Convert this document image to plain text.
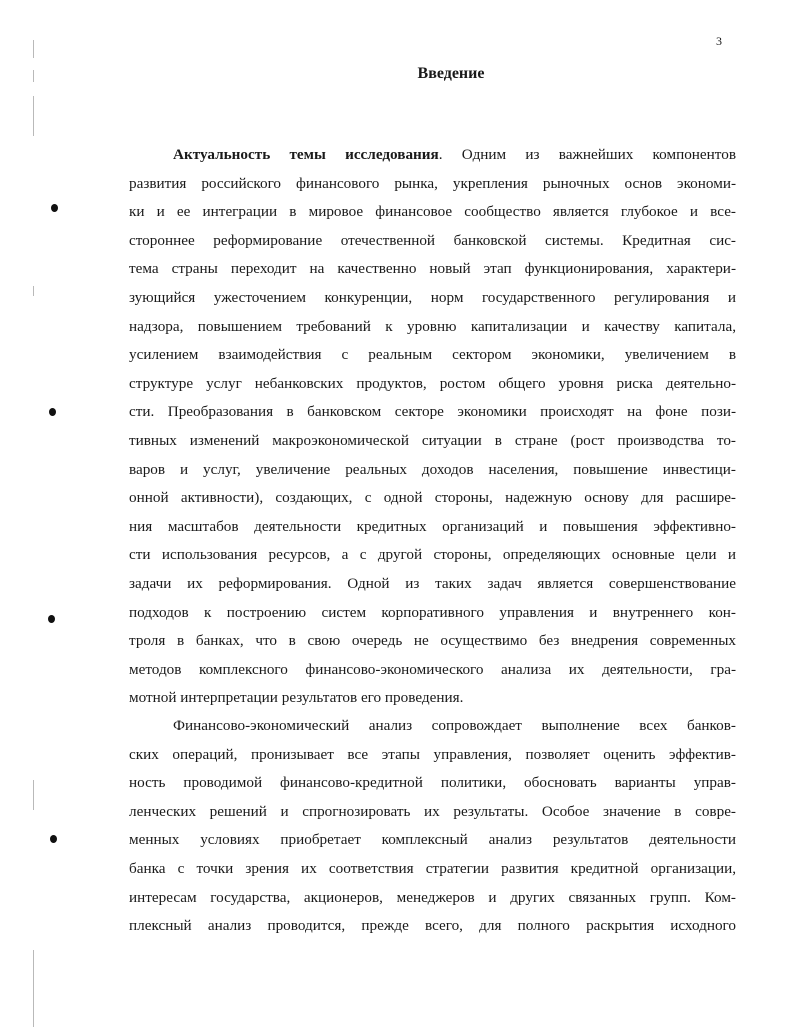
3
Введение
Актуальность темы исследования. Одним из важнейших компонентов
развития российского финансового рынка, укрепления рыночных основ экономи-
ки и ее интеграции в мировое финансовое сообщество является глубокое и все-
стороннее реформирование отечественной банковской системы. Кредитная сис-
тема страны переходит на качественно новый этап функционирования, характери-
зующийся ужесточением конкуренции, норм государственного регулирования и
надзора, повышением требований к уровню капитализации и качеству капитала,
усилением взаимодействия с реальным сектором экономики, увеличением в
структуре услуг небанковских продуктов, ростом общего уровня риска деятельно-
сти. Преобразования в банковском секторе экономики происходят на фоне пози-
тивных изменений макроэкономической ситуации в стране (рост производства то-
варов и услуг, увеличение реальных доходов населения, повышение инвестици-
онной активности), создающих, с одной стороны, надежную основу для расшире-
ния масштабов деятельности кредитных организаций и повышения эффективно-
сти использования ресурсов, а с другой стороны, определяющих основные цели и
задачи их реформирования. Одной из таких задач является совершенствование
подходов к построению систем корпоративного управления и внутреннего кон-
троля в банках, что в свою очередь не осуществимо без внедрения современных
методов комплексного финансово-экономического анализа их деятельности, гра-
мотной интерпретации результатов его проведения.
Финансово-экономический анализ сопровождает выполнение всех банков-
ских операций, пронизывает все этапы управления, позволяет оценить эффектив-
ность проводимой финансово-кредитной политики, обосновать варианты управ-
ленческих решений и спрогнозировать их результаты. Особое значение в совре-
менных условиях приобретает комплексный анализ результатов деятельности
банка с точки зрения их соответствия стратегии развития кредитной организации,
интересам государства, акционеров, менеджеров и других связанных групп. Ком-
плексный анализ проводится, прежде всего, для полного раскрытия исходного
